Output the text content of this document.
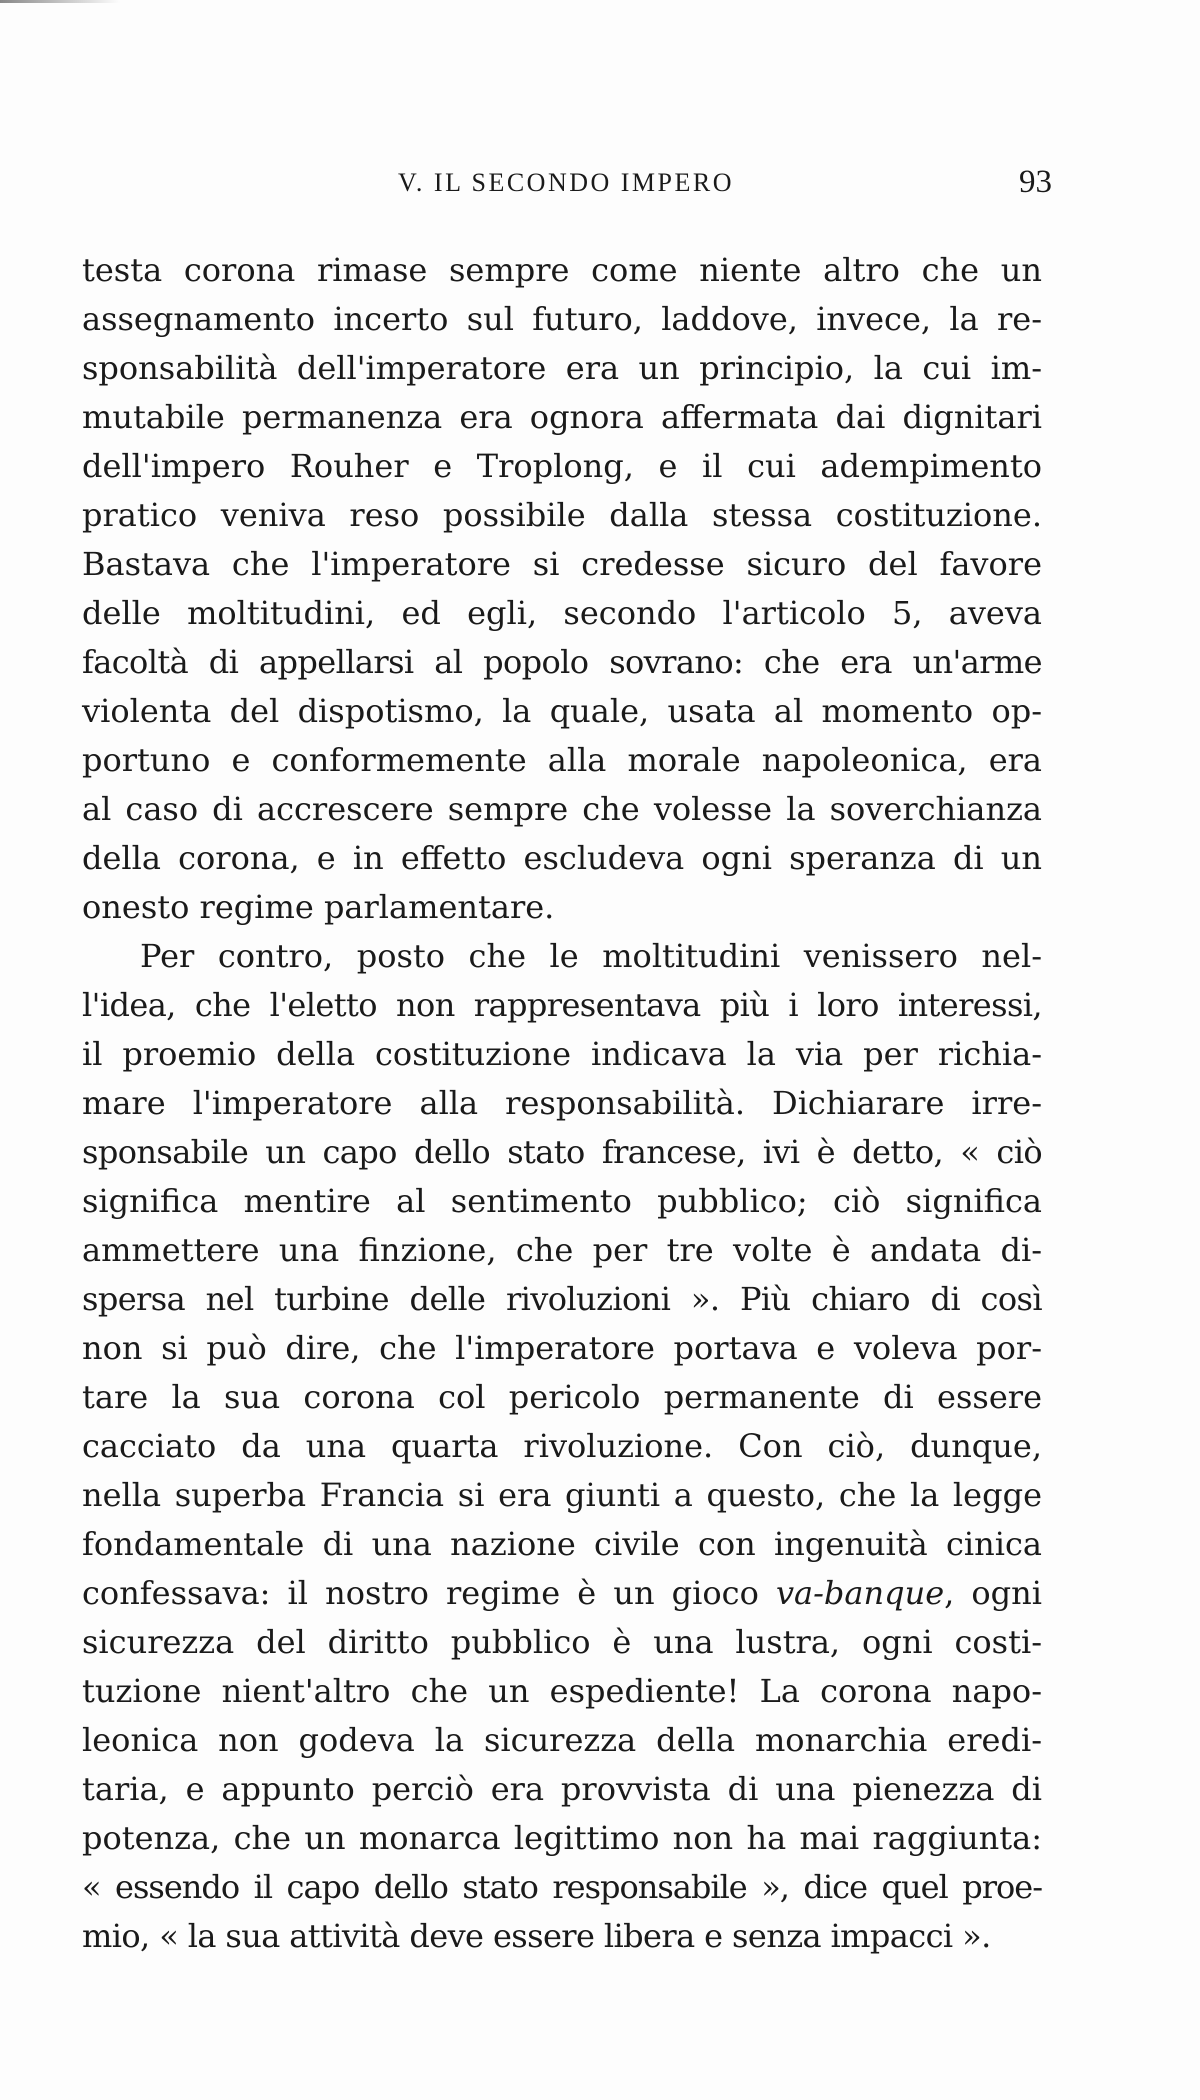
V. IL SECONDO IMPERO	93
testa corona rimase sempre come niente altro che un
assegnamento incerto sul futuro, laddove, invece, la re-
sponsabilità dell'imperatore era un principio, la cui im-
mutabile permanenza era ognora affermata dai dignitari
dell'impero Rouher e Troplong, e il cui adempimento
pratico veniva reso possibile dalla stessa costituzione.
Bastava che l'imperatore si credesse sicuro del favore
delle moltitudini, ed egli, secondo l'articolo 5, aveva
facoltà di appellarsi al popolo sovrano: che era un'arme
violenta del dispotismo, la quale, usata al momento op-
portuno e conformemente alla morale napoleonica, era
al caso di accrescere sempre che volesse la soverchianza
della corona, e in effetto escludeva ogni speranza di un
onesto regime parlamentare.
Per contro, posto che le moltitudini venissero nel-
l'idea, che l'eletto non rappresentava più i loro interessi,
il proemio della costituzione indicava la via per richia-
mare l'imperatore alla responsabilità. Dichiarare irre-
sponsabile un capo dello stato francese, ivi è detto, « ciò
significa mentire al sentimento pubblico; ciò significa
ammettere una finzione, che per tre volte è andata di-
spersa nel turbine delle rivoluzioni ». Più chiaro di così
non si può dire, che l'imperatore portava e voleva por-
tare la sua corona col pericolo permanente di essere
cacciato da una quarta rivoluzione. Con ciò, dunque,
nella superba Francia si era giunti a questo, che la legge
fondamentale di una nazione civile con ingenuità cinica
confessava: il nostro regime è un gioco va-banque, ogni
sicurezza del diritto pubblico è una lustra, ogni costi-
tuzione nient'altro che un espediente! La corona napo-
leonica non godeva la sicurezza della monarchia eredi-
taria, e appunto perciò era provvista di una pienezza di
potenza, che un monarca legittimo non ha mai raggiunta:
« essendo il capo dello stato responsabile », dice quel proe-
mio, « la sua attività deve essere libera e senza impacci ».
